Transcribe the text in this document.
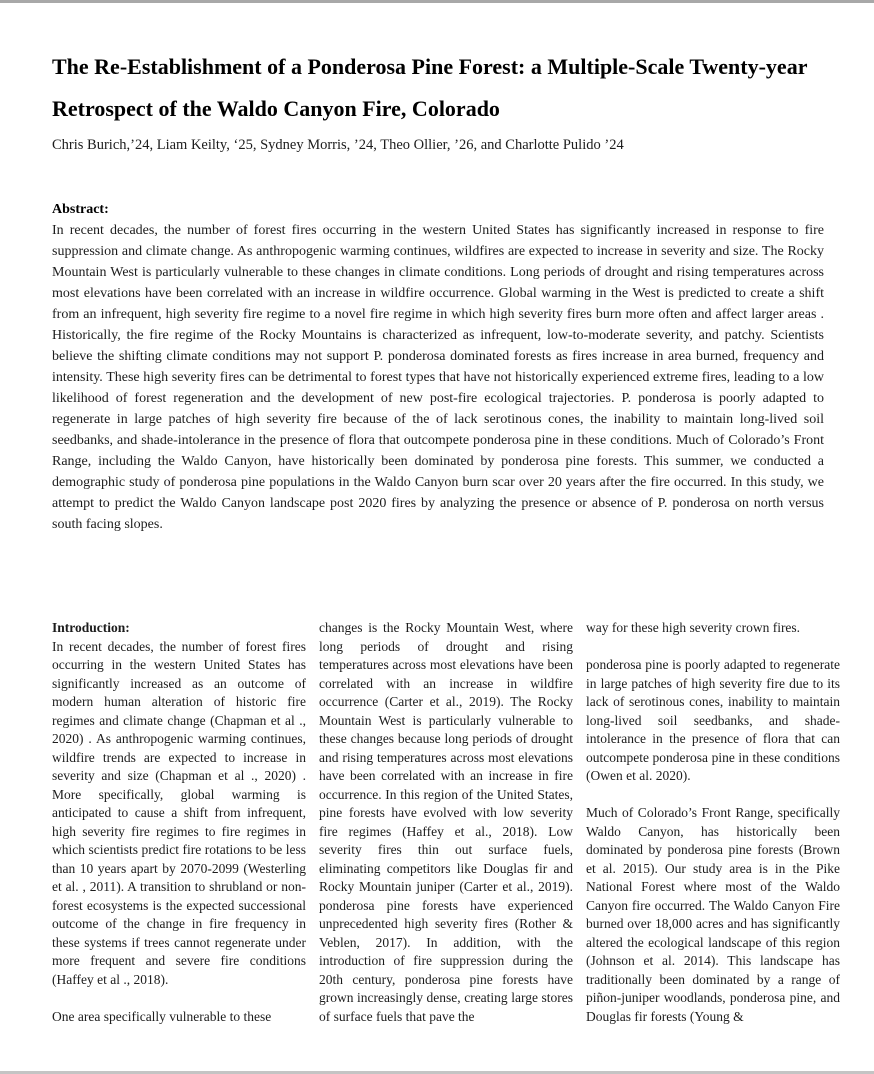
The Re-Establishment of a Ponderosa Pine Forest: a Multiple-Scale Twenty-year Retrospect of the Waldo Canyon Fire, Colorado
Chris Burich,’24, Liam Keilty, ‘25, Sydney Morris, ’24, Theo Ollier, ’26, and Charlotte Pulido ’24
Abstract:

In recent decades, the number of forest fires occurring in the western United States has significantly increased in response to fire suppression and climate change. As anthropogenic warming continues, wildfires are expected to increase in severity and size. The Rocky Mountain West is particularly vulnerable to these changes in climate conditions. Long periods of drought and rising temperatures across most elevations have been correlated with an increase in wildfire occurrence. Global warming in the West is predicted to create a shift from an infrequent, high severity fire regime to a novel fire regime in which high severity fires burn more often and affect larger areas . Historically, the fire regime of the Rocky Mountains is characterized as infrequent, low-to-moderate severity, and patchy. Scientists believe the shifting climate conditions may not support P. ponderosa dominated forests as fires increase in area burned, frequency and intensity. These high severity fires can be detrimental to forest types that have not historically experienced extreme fires, leading to a low likelihood of forest regeneration and the development of new post-fire ecological trajectories. P. ponderosa is poorly adapted to regenerate in large patches of high severity fire because of the of lack serotinous cones, the inability to maintain long-lived soil seedbanks, and shade-intolerance in the presence of flora that outcompete ponderosa pine in these conditions. Much of Colorado’s Front Range, including the Waldo Canyon, have historically been dominated by ponderosa pine forests. This summer, we conducted a demographic study of ponderosa pine populations in the Waldo Canyon burn scar over 20 years after the fire occurred. In this study, we attempt to predict the Waldo Canyon landscape post 2020 fires by analyzing the presence or absence of P. ponderosa on north versus south facing slopes.

Introduction:

In recent decades, the number of forest fires occurring in the western United States has significantly increased as an outcome of modern human alteration of historic fire regimes and climate change (Chapman et al ., 2020) . As anthropogenic warming continues, wildfire trends are expected to increase in severity and size (Chapman et al ., 2020) . More specifically, global warming is anticipated to cause a shift from infrequent, high severity fire regimes to fire regimes in which scientists predict fire rotations to be less than 10 years apart by 2070-2099 (Westerling et al. , 2011). A transition to shrubland or non-forest ecosystems is the expected successional outcome of the change in fire frequency in these systems if trees cannot regenerate under more frequent and severe fire conditions (Haffey et al ., 2018).

One area specifically vulnerable to these

changes is the Rocky Mountain West, where long periods of drought and rising temperatures across most elevations have been correlated with an increase in wildfire occurrence (Carter et al., 2019). The Rocky Mountain West is particularly vulnerable to these changes because long periods of drought and rising temperatures across most elevations have been correlated with an increase in fire occurrence. In this region of the United States, pine forests have evolved with low severity fire regimes (Haffey et al., 2018). Low severity fires thin out surface fuels, eliminating competitors like Douglas fir and Rocky Mountain juniper (Carter et al., 2019). ponderosa pine forests have experienced unprecedented high severity fires (Rother & Veblen, 2017). In addition, with the introduction of fire suppression during the 20th century, ponderosa pine forests have grown increasingly dense, creating large stores of surface fuels that pave the

way for these high severity crown fires.

ponderosa pine is poorly adapted to regenerate in large patches of high severity fire due to its lack of serotinous cones, inability to maintain long-lived soil seedbanks, and shade-intolerance in the presence of flora that can outcompete ponderosa pine in these conditions (Owen et al. 2020).

Much of Colorado’s Front Range, specifically Waldo Canyon, has historically been dominated by ponderosa pine forests (Brown et al. 2015). Our study area is in the Pike National Forest where most of the Waldo Canyon fire occurred. The Waldo Canyon Fire burned over 18,000 acres and has significantly altered the ecological landscape of this region (Johnson et al. 2014). This landscape has traditionally been dominated by a range of piñon-juniper woodlands, ponderosa pine, and Douglas fir forests (Young &
